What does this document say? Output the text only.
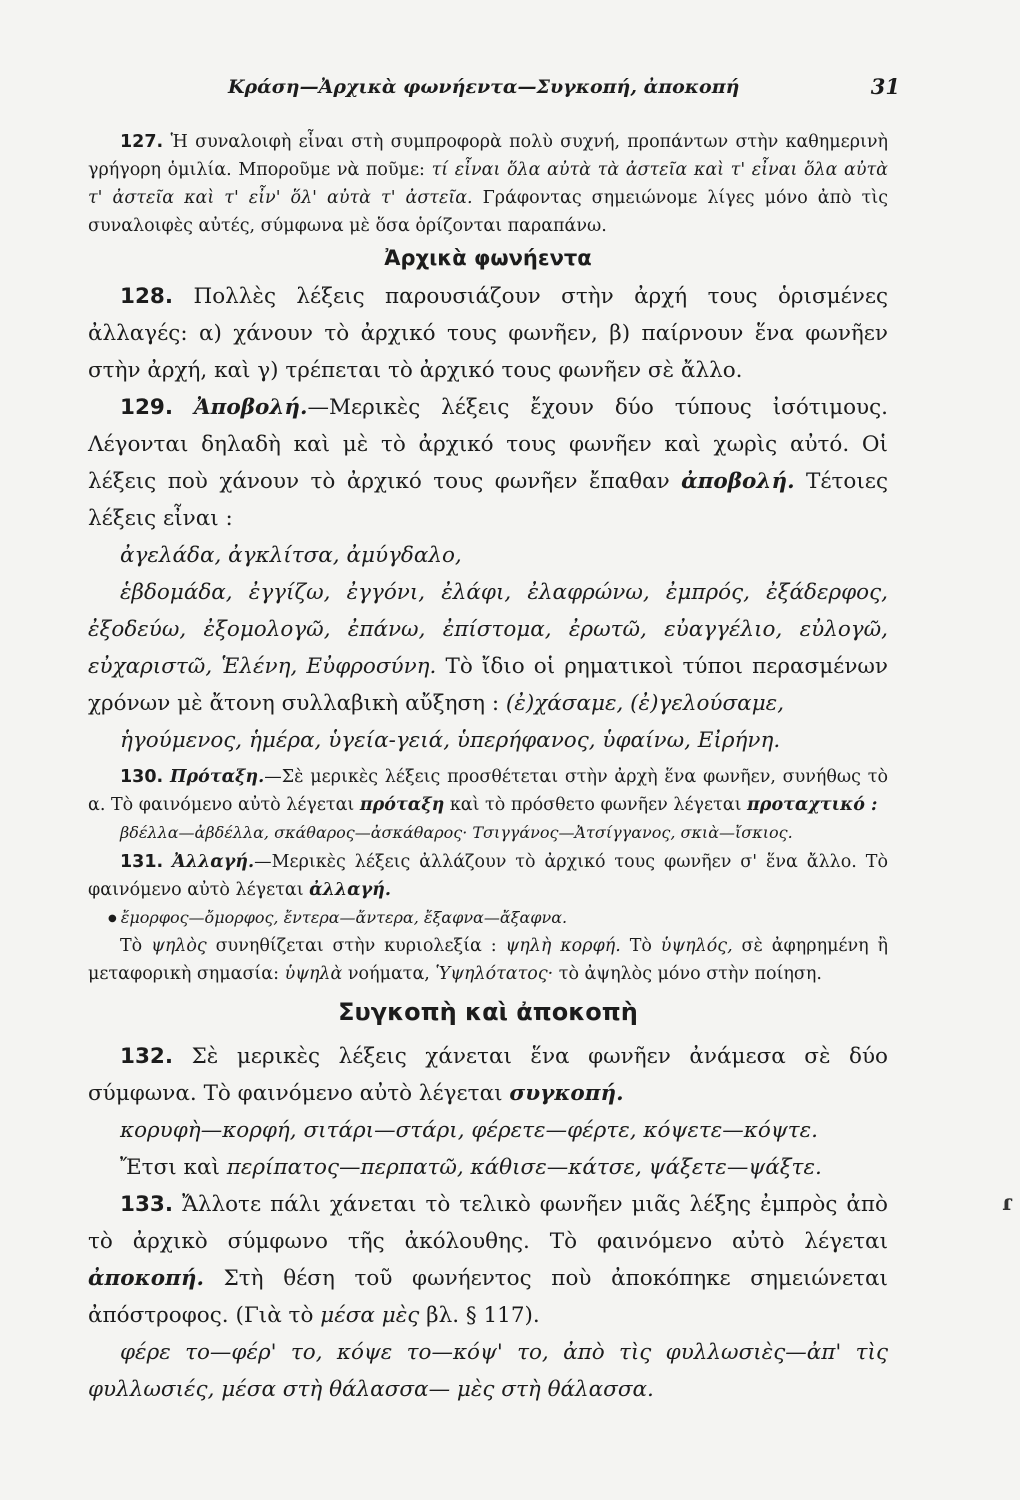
Κράση—Ἀρχικὰ φωνήεντα—Συγκοπή, ἀποκοπή	31

127. Ἡ συναλοιφὴ εἶναι στὴ συμπροφορὰ πολὺ συχνή, προπάντων στὴν καθημερινὴ γρήγορη ὁμιλία. Μποροῦμε νὰ ποῦμε: τί εἶναι ὅλα αὐτὰ τὰ ἀστεῖα καὶ τ' εἶναι ὅλα αὐτὰ τ' ἀστεῖα καὶ τ' εἶν' ὅλ' αὐτὰ τ' ἀστεῖα. Γράφοντας σημειώνομε λίγες μόνο ἀπὸ τὶς συναλοιφὲς αὐτές, σύμφωνα μὲ ὅσα ὁρίζονται παραπάνω.

Ἀρχικὰ φωνήεντα

128. Πολλὲς λέξεις παρουσιάζουν στὴν ἀρχή τους ὁρισμένες ἀλλαγές: α) χάνουν τὸ ἀρχικό τους φωνῆεν, β) παίρνουν ἕνα φωνῆεν στὴν ἀρχή, καὶ γ) τρέπεται τὸ ἀρχικό τους φωνῆεν σὲ ἄλλο.

129. Ἀποβολή.—Μερικὲς λέξεις ἔχουν δύο τύπους ἰσότιμους. Λέγονται δηλαδὴ καὶ μὲ τὸ ἀρχικό τους φωνῆεν καὶ χωρὶς αὐτό. Οἱ λέξεις ποὺ χάνουν τὸ ἀρχικό τους φωνῆεν ἔπαθαν ἀποβολή. Τέτοιες λέξεις εἶναι :

ἀγελάδα, ἀγκλίτσα, ἀμύγδαλο,

ἑβδομάδα, ἐγγίζω, ἐγγόνι, ἐλάφι, ἐλαφρώνω, ἐμπρός, ἐξάδερφος, ἐξοδεύω, ἐξομολογῶ, ἐπάνω, ἐπίστομα, ἐρωτῶ, εὐαγγέλιο, εὐλογῶ, εὐχαριστῶ, Ἑλένη, Εὐφροσύνη. Τὸ ἴδιο οἱ ρηματικοὶ τύποι περασμένων χρόνων μὲ ἄτονη συλλαβικὴ αὔξηση : (ἐ)χάσαμε, (ἐ)γελούσαμε,

ἡγούμενος, ἡμέρα, ὑγεία-γειά, ὑπερήφανος, ὑφαίνω, Εἰρήνη.

130. Πρόταξη.—Σὲ μερικὲς λέξεις προσθέτεται στὴν ἀρχὴ ἕνα φωνῆεν, συνήθως τὸ α. Τὸ φαινόμενο αὐτὸ λέγεται πρόταξη καὶ τὸ πρόσθετο φωνῆεν λέγεται προταχτικό :

βδέλλα—ἀβδέλλα, σκάθαρος—ἀσκάθαρος· Τσιγγάνος—Ἀτσίγγανος, σκιὰ—ἴσκιος.

131. Ἀλλαγή.—Μερικὲς λέξεις ἀλλάζουν τὸ ἀρχικό τους φωνῆεν σ' ἕνα ἄλλο. Τὸ φαινόμενο αὐτὸ λέγεται ἀλλαγή.

● ἔμορφος—ὄμορφος, ἔντερα—ἄντερα, ἔξαφνα—ἄξαφνα.

Τὸ ψηλὸς συνηθίζεται στὴν κυριολεξία : ψηλὴ κορφή. Τὸ ὑψηλός, σὲ ἀφηρημένη ἢ μεταφορικὴ σημασία: ὑψηλὰ νοήματα, Ὑψηλότατος· τὸ ἀψηλὸς μόνο στὴν ποίηση.

Συγκοπὴ καὶ ἀποκοπὴ

132. Σὲ μερικὲς λέξεις χάνεται ἕνα φωνῆεν ἀνάμεσα σὲ δύο σύμφωνα. Τὸ φαινόμενο αὐτὸ λέγεται συγκοπή.

κορυφὴ—κορφή, σιτάρι—στάρι, φέρετε—φέρτε, κόψετε—κόψτε.

Ἔτσι καὶ περίπατος—περπατῶ, κάθισε—κάτσε, ψάξετε—ψάξτε.

133. Ἄλλοτε πάλι χάνεται τὸ τελικὸ φωνῆεν μιᾶς λέξης ἐμπρὸς ἀπὸ τὸ ἀρχικὸ σύμφωνο τῆς ἀκόλουθης. Τὸ φαινόμενο αὐτὸ λέγεται ἀποκοπή. Στὴ θέση τοῦ φωνήεντος ποὺ ἀποκόπηκε σημειώνεται ἀπόστροφος. (Γιὰ τὸ μέσα μὲς βλ. § 117).

φέρε το—φέρ' το, κόψε το—κόψ' το, ἀπὸ τὶς φυλλωσιὲς—ἀπ' τὶς φυλλωσιές, μέσα στὴ θάλασσα— μὲς στὴ θάλασσα.

ɾ
